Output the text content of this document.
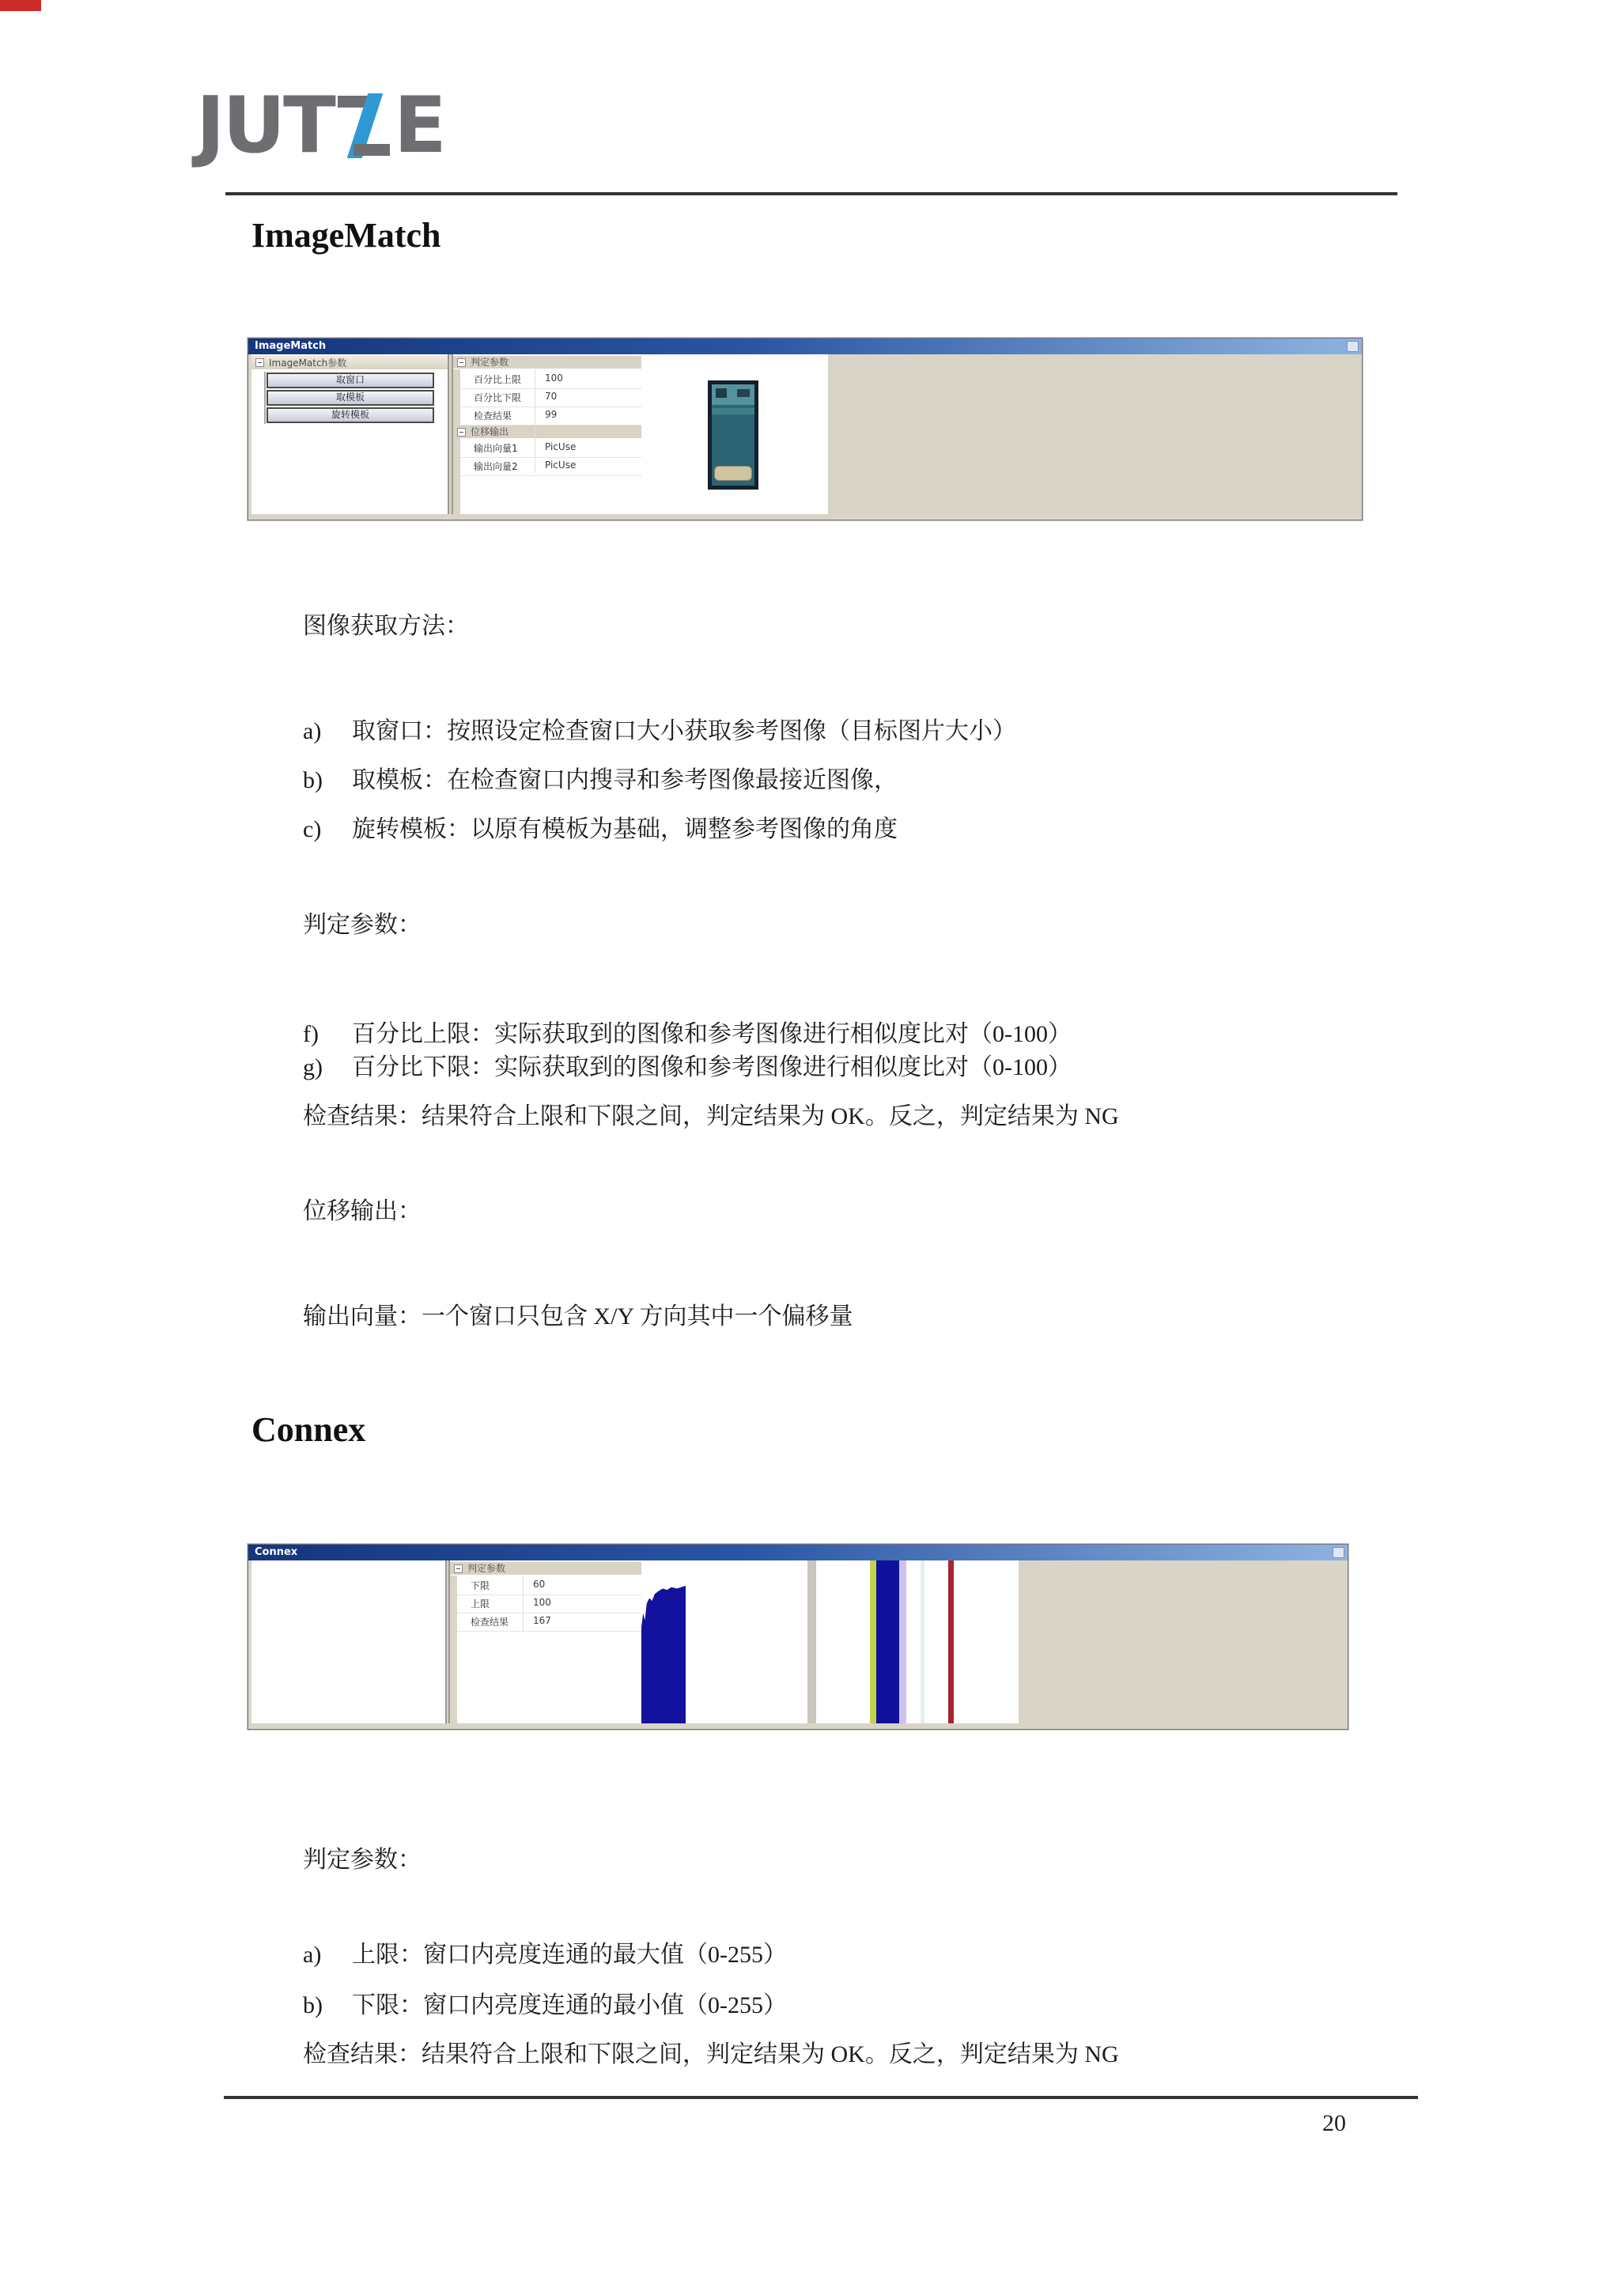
JUT E
ImageMatch
ImageMatch
ImageMatch参数
取窗口
取模板
旋转模板
判定参数
百分比上限 100
百分比下限 70
检查结果	99
位移输出
输出向量1	PicUse
输出向量2	PicUse
图像获取方法：
a)	取窗口：按照设定检查窗口大小获取参考图像（目标图片大小）
b)	取模板：在检查窗口内搜寻和参考图像最接近图像，
c)	旋转模板：以原有模板为基础，调整参考图像的角度
判定参数：
f)	百分比上限：实际获取到的图像和参考图像进行相似度比对（0-100）
g)	百分比下限：实际获取到的图像和参考图像进行相似度比对（0-100）
检查结果：结果符合上限和下限之间，判定结果为 OK。反之，判定结果为 NG
位移输出：
输出向量：一个窗口只包含 X/Y 方向其中一个偏移量
Connex
Connex
判定参数
下限	60
上限	100
检查结果	167
判定参数：
a)	上限：窗口内亮度连通的最大值（0-255）
b)	下限：窗口内亮度连通的最小值（0-255）
检查结果：结果符合上限和下限之间，判定结果为 OK。反之，判定结果为 NG
20
